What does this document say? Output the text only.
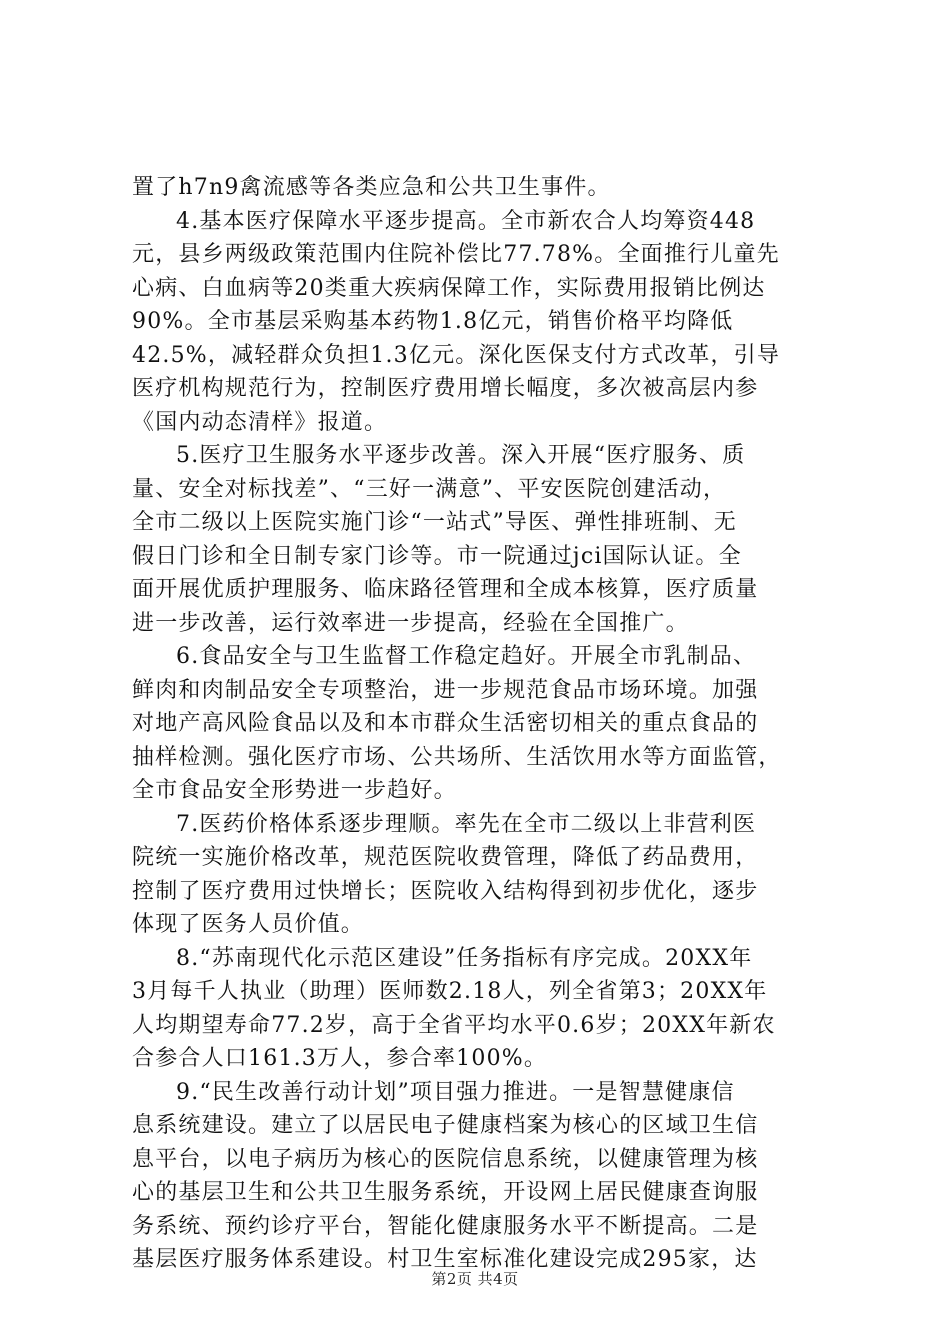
置了h7n9禽流感等各类应急和公共卫生事件。
4.基本医疗保障水平逐步提高。全市新农合人均筹资448
元，县乡两级政策范围内住院补偿比77.78%。全面推行儿童先
心病、白血病等20类重大疾病保障工作，实际费用报销比例达
90%。全市基层采购基本药物1.8亿元，销售价格平均降低
42.5%，减轻群众负担1.3亿元。深化医保支付方式改革，引导
医疗机构规范行为，控制医疗费用增长幅度，多次被高层内参
《国内动态清样》报道。
5.医疗卫生服务水平逐步改善。深入开展“医疗服务、质
量、安全对标找差”、“三好一满意”、平安医院创建活动，
全市二级以上医院实施门诊“一站式”导医、弹性排班制、无
假日门诊和全日制专家门诊等。市一院通过jci国际认证。全
面开展优质护理服务、临床路径管理和全成本核算，医疗质量
进一步改善，运行效率进一步提高，经验在全国推广。
6.食品安全与卫生监督工作稳定趋好。开展全市乳制品、
鲜肉和肉制品安全专项整治，进一步规范食品市场环境。加强
对地产高风险食品以及和本市群众生活密切相关的重点食品的
抽样检测。强化医疗市场、公共场所、生活饮用水等方面监管，
全市食品安全形势进一步趋好。
7.医药价格体系逐步理顺。率先在全市二级以上非营利医
院统一实施价格改革，规范医院收费管理，降低了药品费用，
控制了医疗费用过快增长；医院收入结构得到初步优化，逐步
体现了医务人员价值。
8.“苏南现代化示范区建设”任务指标有序完成。20XX年
3月每千人执业（助理）医师数2.18人，列全省第3；20XX年
人均期望寿命77.2岁，高于全省平均水平0.6岁；20XX年新农
合参合人口161.3万人，参合率100%。
9.“民生改善行动计划”项目强力推进。一是智慧健康信
息系统建设。建立了以居民电子健康档案为核心的区域卫生信
息平台，以电子病历为核心的医院信息系统，以健康管理为核
心的基层卫生和公共卫生服务系统，开设网上居民健康查询服
务系统、预约诊疗平台，智能化健康服务水平不断提高。二是
基层医疗服务体系建设。村卫生室标准化建设完成295家，达
第2页 共4页
